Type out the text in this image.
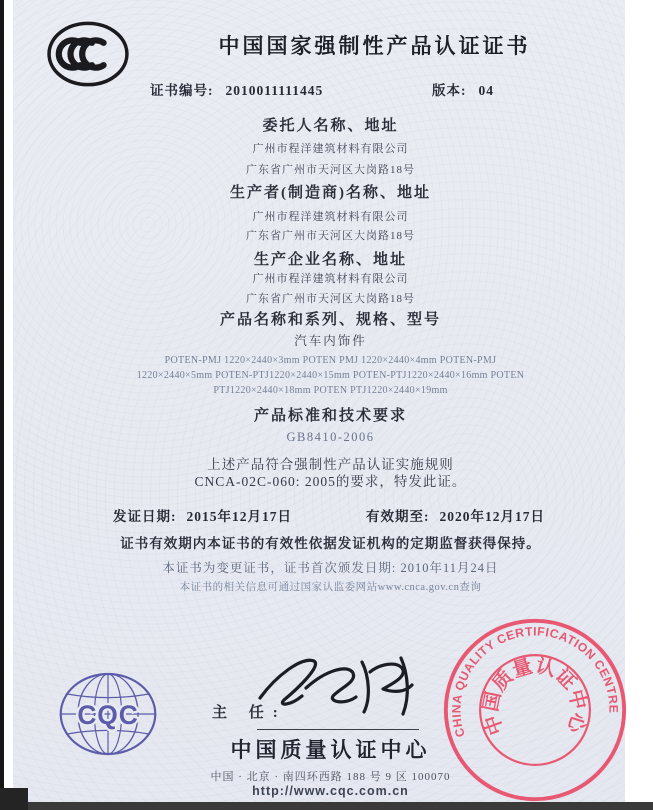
中国国家强制性产品认证证书
证书编号: 2010011111445	版本: 04
委托人名称、地址
广州市程洋建筑材料有限公司
广东省广州市天河区大岗路18号
生产者(制造商)名称、地址
广州市程洋建筑材料有限公司
广东省广州市天河区大岗路18号
生产企业名称、地址
广州市程洋建筑材料有限公司
广东省广州市天河区大岗路18号
产品名称和系列、规格、型号
汽车内饰件
POTEN-PMJ 1220×2440×3mm POTEN PMJ 1220×2440×4mm POTEN-PMJ
1220×2440×5mm POTEN-PTJ1220×2440×15mm POTEN-PTJ1220×2440×16mm POTEN
PTJ1220×2440×18mm POTEN PTJ1220×2440×19mm
产品标准和技术要求
GB8410-2006
上述产品符合强制性产品认证实施规则
CNCA-02C-060: 2005的要求，特发此证。
发证日期: 2015年12月17日	有效期至: 2020年12月17日
证书有效期内本证书的有效性依据发证机构的定期监督获得保持。
本证书为变更证书，证书首次颁发日期: 2010年11月24日
本证书的相关信息可通过国家认监委网站www.cnca.gov.cn查询
CQC	主 任:
中国质量认证中心
中国 · 北京 · 南四环西路 188 号 9 区 100070
http://www.cqc.com.cn
CHINA QUALITY CERTIFICATION CENTRE
中国质量认证中心
